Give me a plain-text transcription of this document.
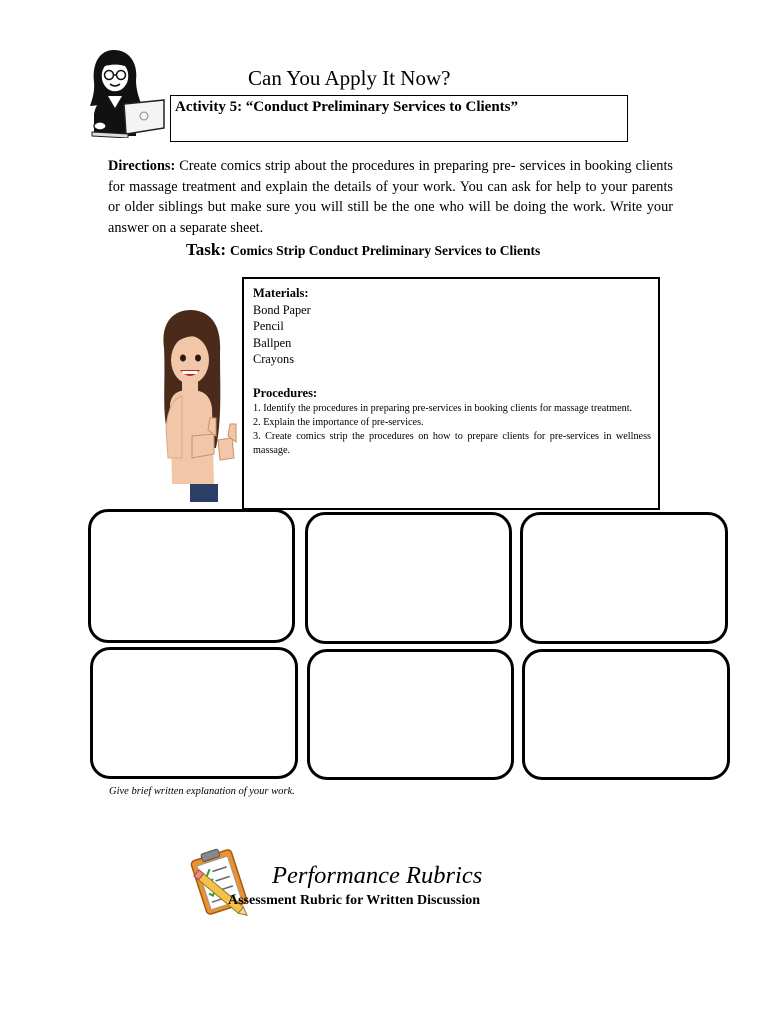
Can You Apply It Now?
Activity 5: “Conduct Preliminary Services to Clients”

Directions: Create comics strip about the procedures in preparing pre- services in booking clients for massage treatment and explain the details of your work. You can ask for help to your parents or older siblings but make sure you will still be the one who will be doing the work. Write your answer on a separate sheet.

Task: Comics Strip Conduct Preliminary Services to Clients
Materials:
Bond Paper
Pencil
Ballpen
Crayons
Procedures:
1. Identify the procedures in preparing pre-services in booking clients for massage treatment.
2. Explain the importance of pre-services.
3. Create comics strip the procedures on how to prepare clients for pre-services in wellness massage.
Give brief written explanation of your work.
Performance Rubrics
Assessment Rubric for Written Discussion
